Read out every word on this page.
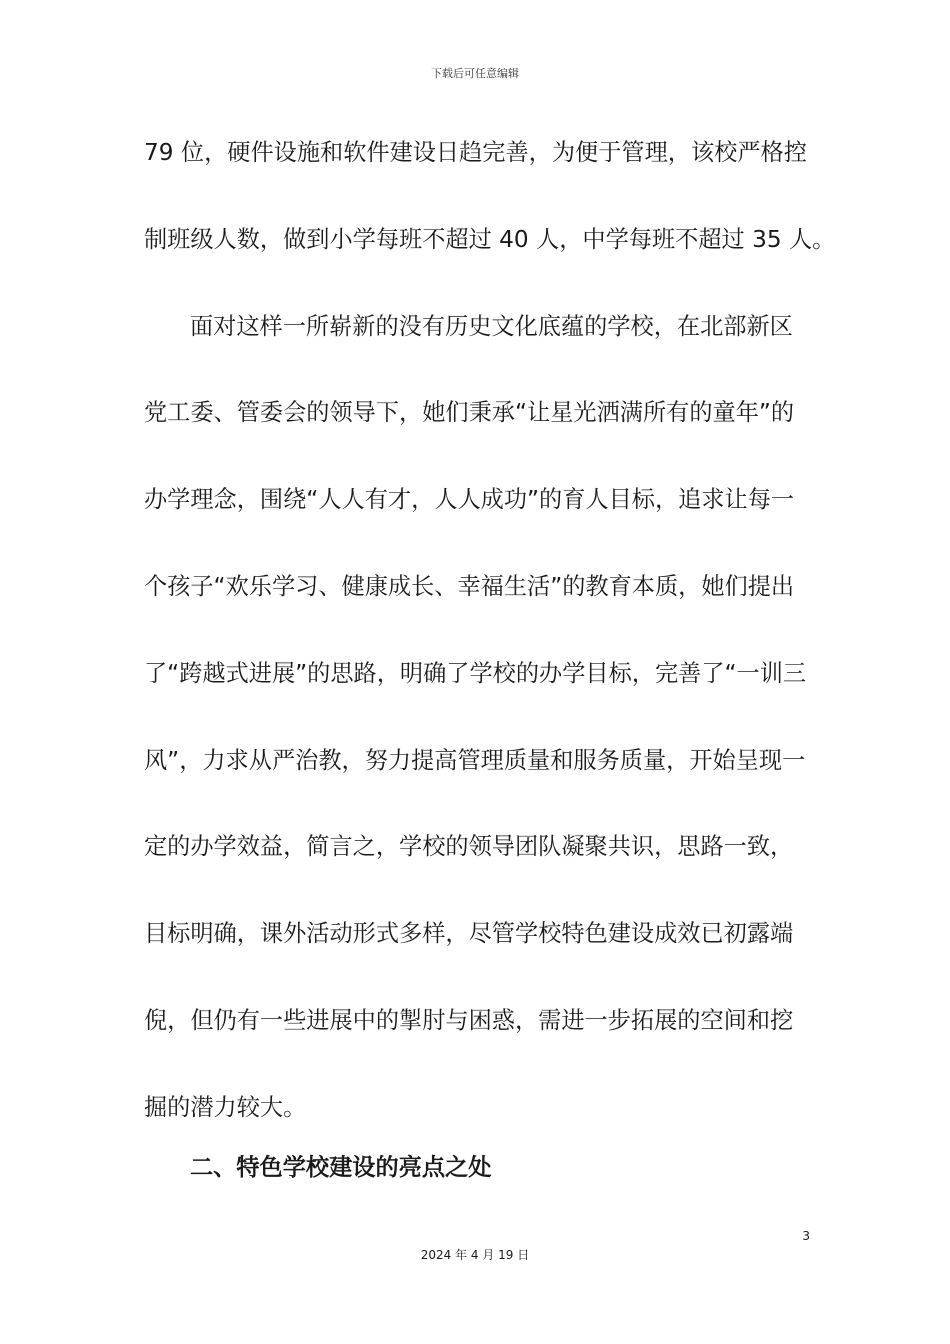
下载后可任意编辑
79 位，硬件设施和软件建设日趋完善，为便于管理，该校严格控
制班级人数，做到小学每班不超过 40 人，中学每班不超过 35 人。
面对这样一所崭新的没有历史文化底蕴的学校，在北部新区
党工委、管委会的领导下，她们秉承“让星光洒满所有的童年”的
办学理念，围绕“人人有才，人人成功”的育人目标，追求让每一
个孩子“欢乐学习、健康成长、幸福生活”的教育本质，她们提出
了“跨越式进展”的思路，明确了学校的办学目标，完善了“一训三
风”，力求从严治教，努力提高管理质量和服务质量，开始呈现一
定的办学效益，简言之，学校的领导团队凝聚共识，思路一致，
目标明确，课外活动形式多样，尽管学校特色建设成效已初露端
倪，但仍有一些进展中的掣肘与困惑，需进一步拓展的空间和挖
掘的潜力较大。
二、特色学校建设的亮点之处
3
2024 年 4 月 19 日
